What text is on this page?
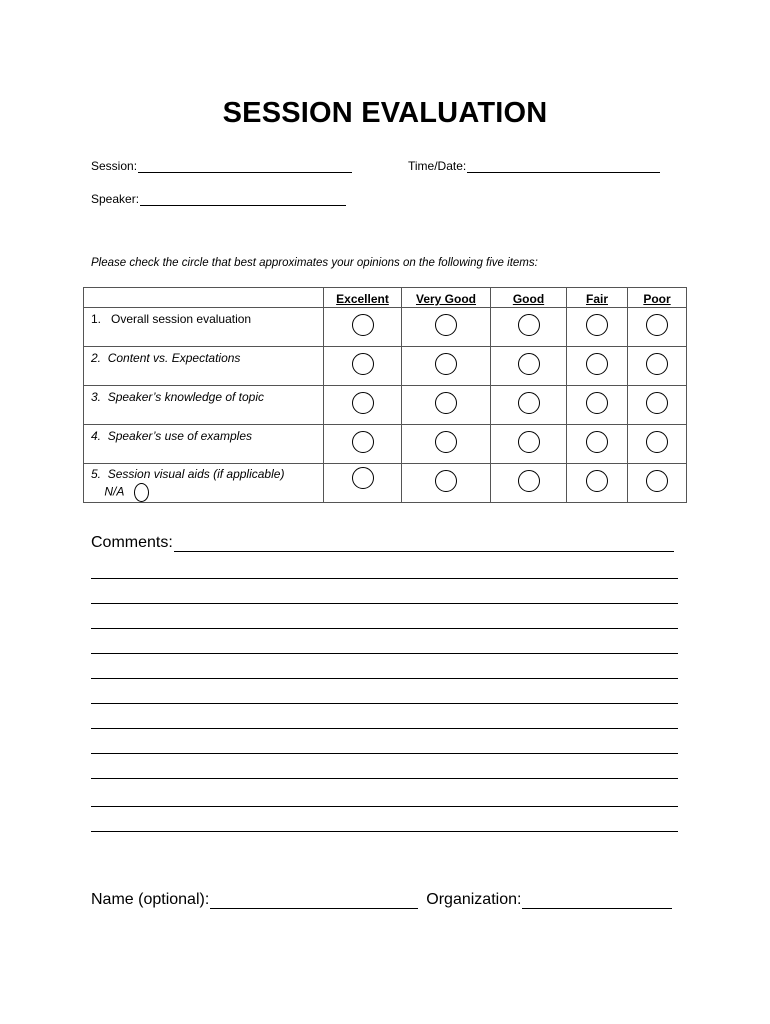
SESSION EVALUATION
Session:	Time/Date:
Speaker:
Please check the circle that best approximates your opinions on the following five items:
	Excellent	Very Good	Good	Fair	Poor
1. Overall session evaluation					
2. Content vs. Expectations					
3. Speaker’s knowledge of topic					
4. Speaker’s use of examples					
5. Session visual aids (if applicable)
N/A					
Comments:
Name (optional):	Organization:
